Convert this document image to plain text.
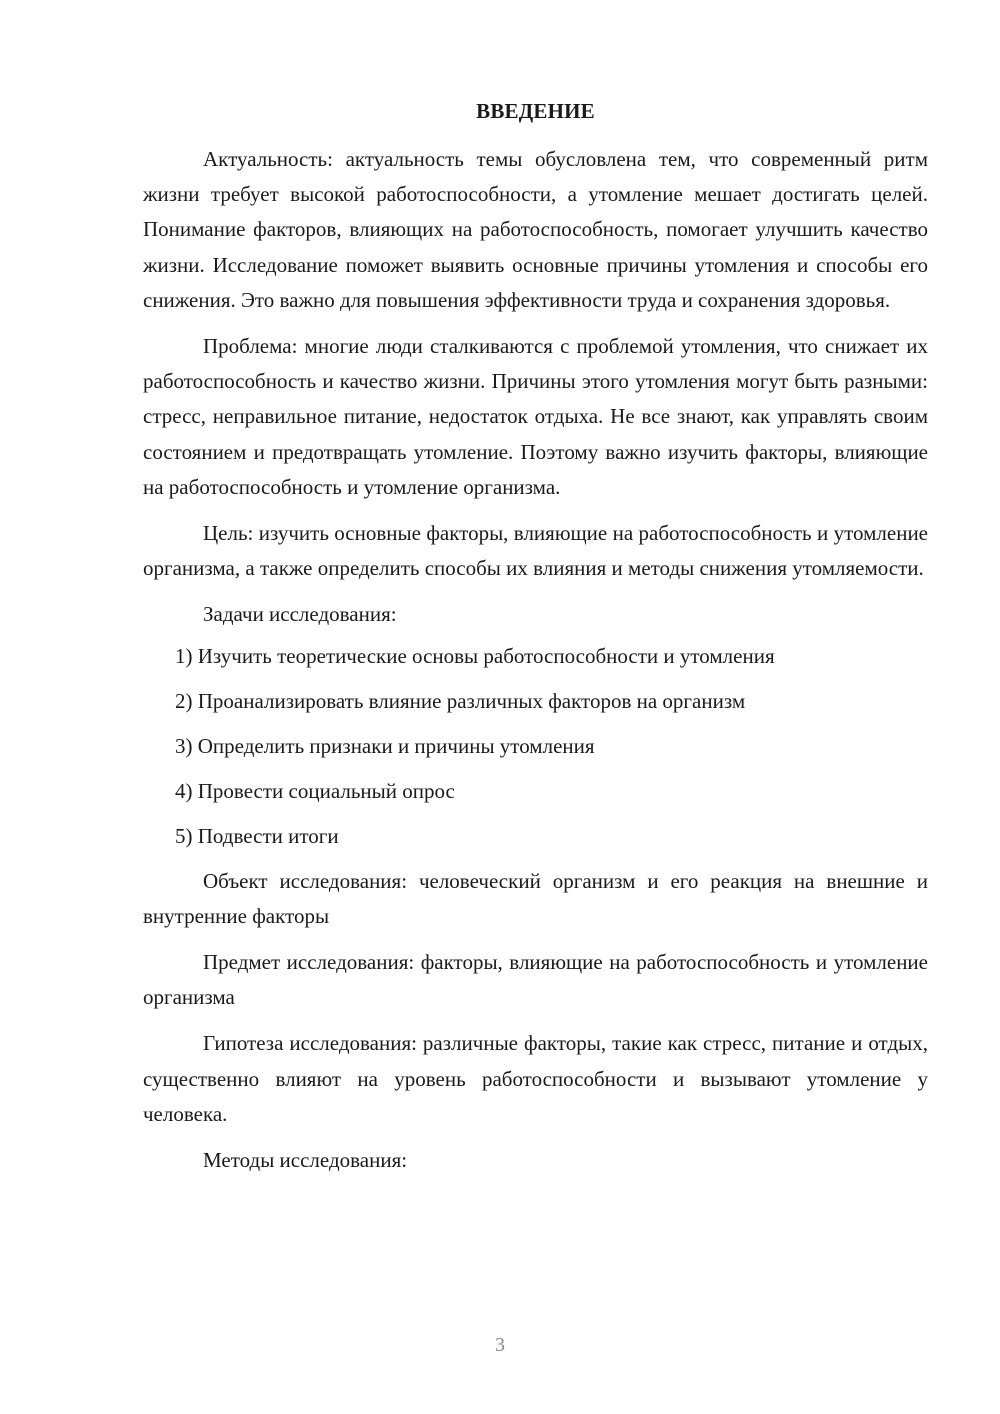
ВВЕДЕНИЕ

Актуальность: актуальность темы обусловлена тем, что современный ритм жизни требует высокой работоспособности, а утомление мешает достигать целей. Понимание факторов, влияющих на работоспособность, помогает улучшить качество жизни. Исследование поможет выявить основные причины утомления и способы его снижения. Это важно для повышения эффективности труда и сохранения здоровья.

Проблема: многие люди сталкиваются с проблемой утомления, что снижает их работоспособность и качество жизни. Причины этого утомления могут быть разными: стресс, неправильное питание, недостаток отдыха. Не все знают, как управлять своим состоянием и предотвращать утомление. Поэтому важно изучить факторы, влияющие на работоспособность и утомление организма.

Цель: изучить основные факторы, влияющие на работоспособность и утомление организма, а также определить способы их влияния и методы снижения утомляемости.

Задачи исследования:

1) Изучить теоретические основы работоспособности и утомления
2) Проанализировать влияние различных факторов на организм
3) Определить признаки и причины утомления
4) Провести социальный опрос
5) Подвести итоги

Объект исследования: человеческий организм и его реакция на внешние и внутренние факторы

Предмет исследования: факторы, влияющие на работоспособность и утомление организма

Гипотеза исследования: различные факторы, такие как стресс, питание и отдых, существенно влияют на уровень работоспособности и вызывают утомление у человека.

Методы исследования:

3
